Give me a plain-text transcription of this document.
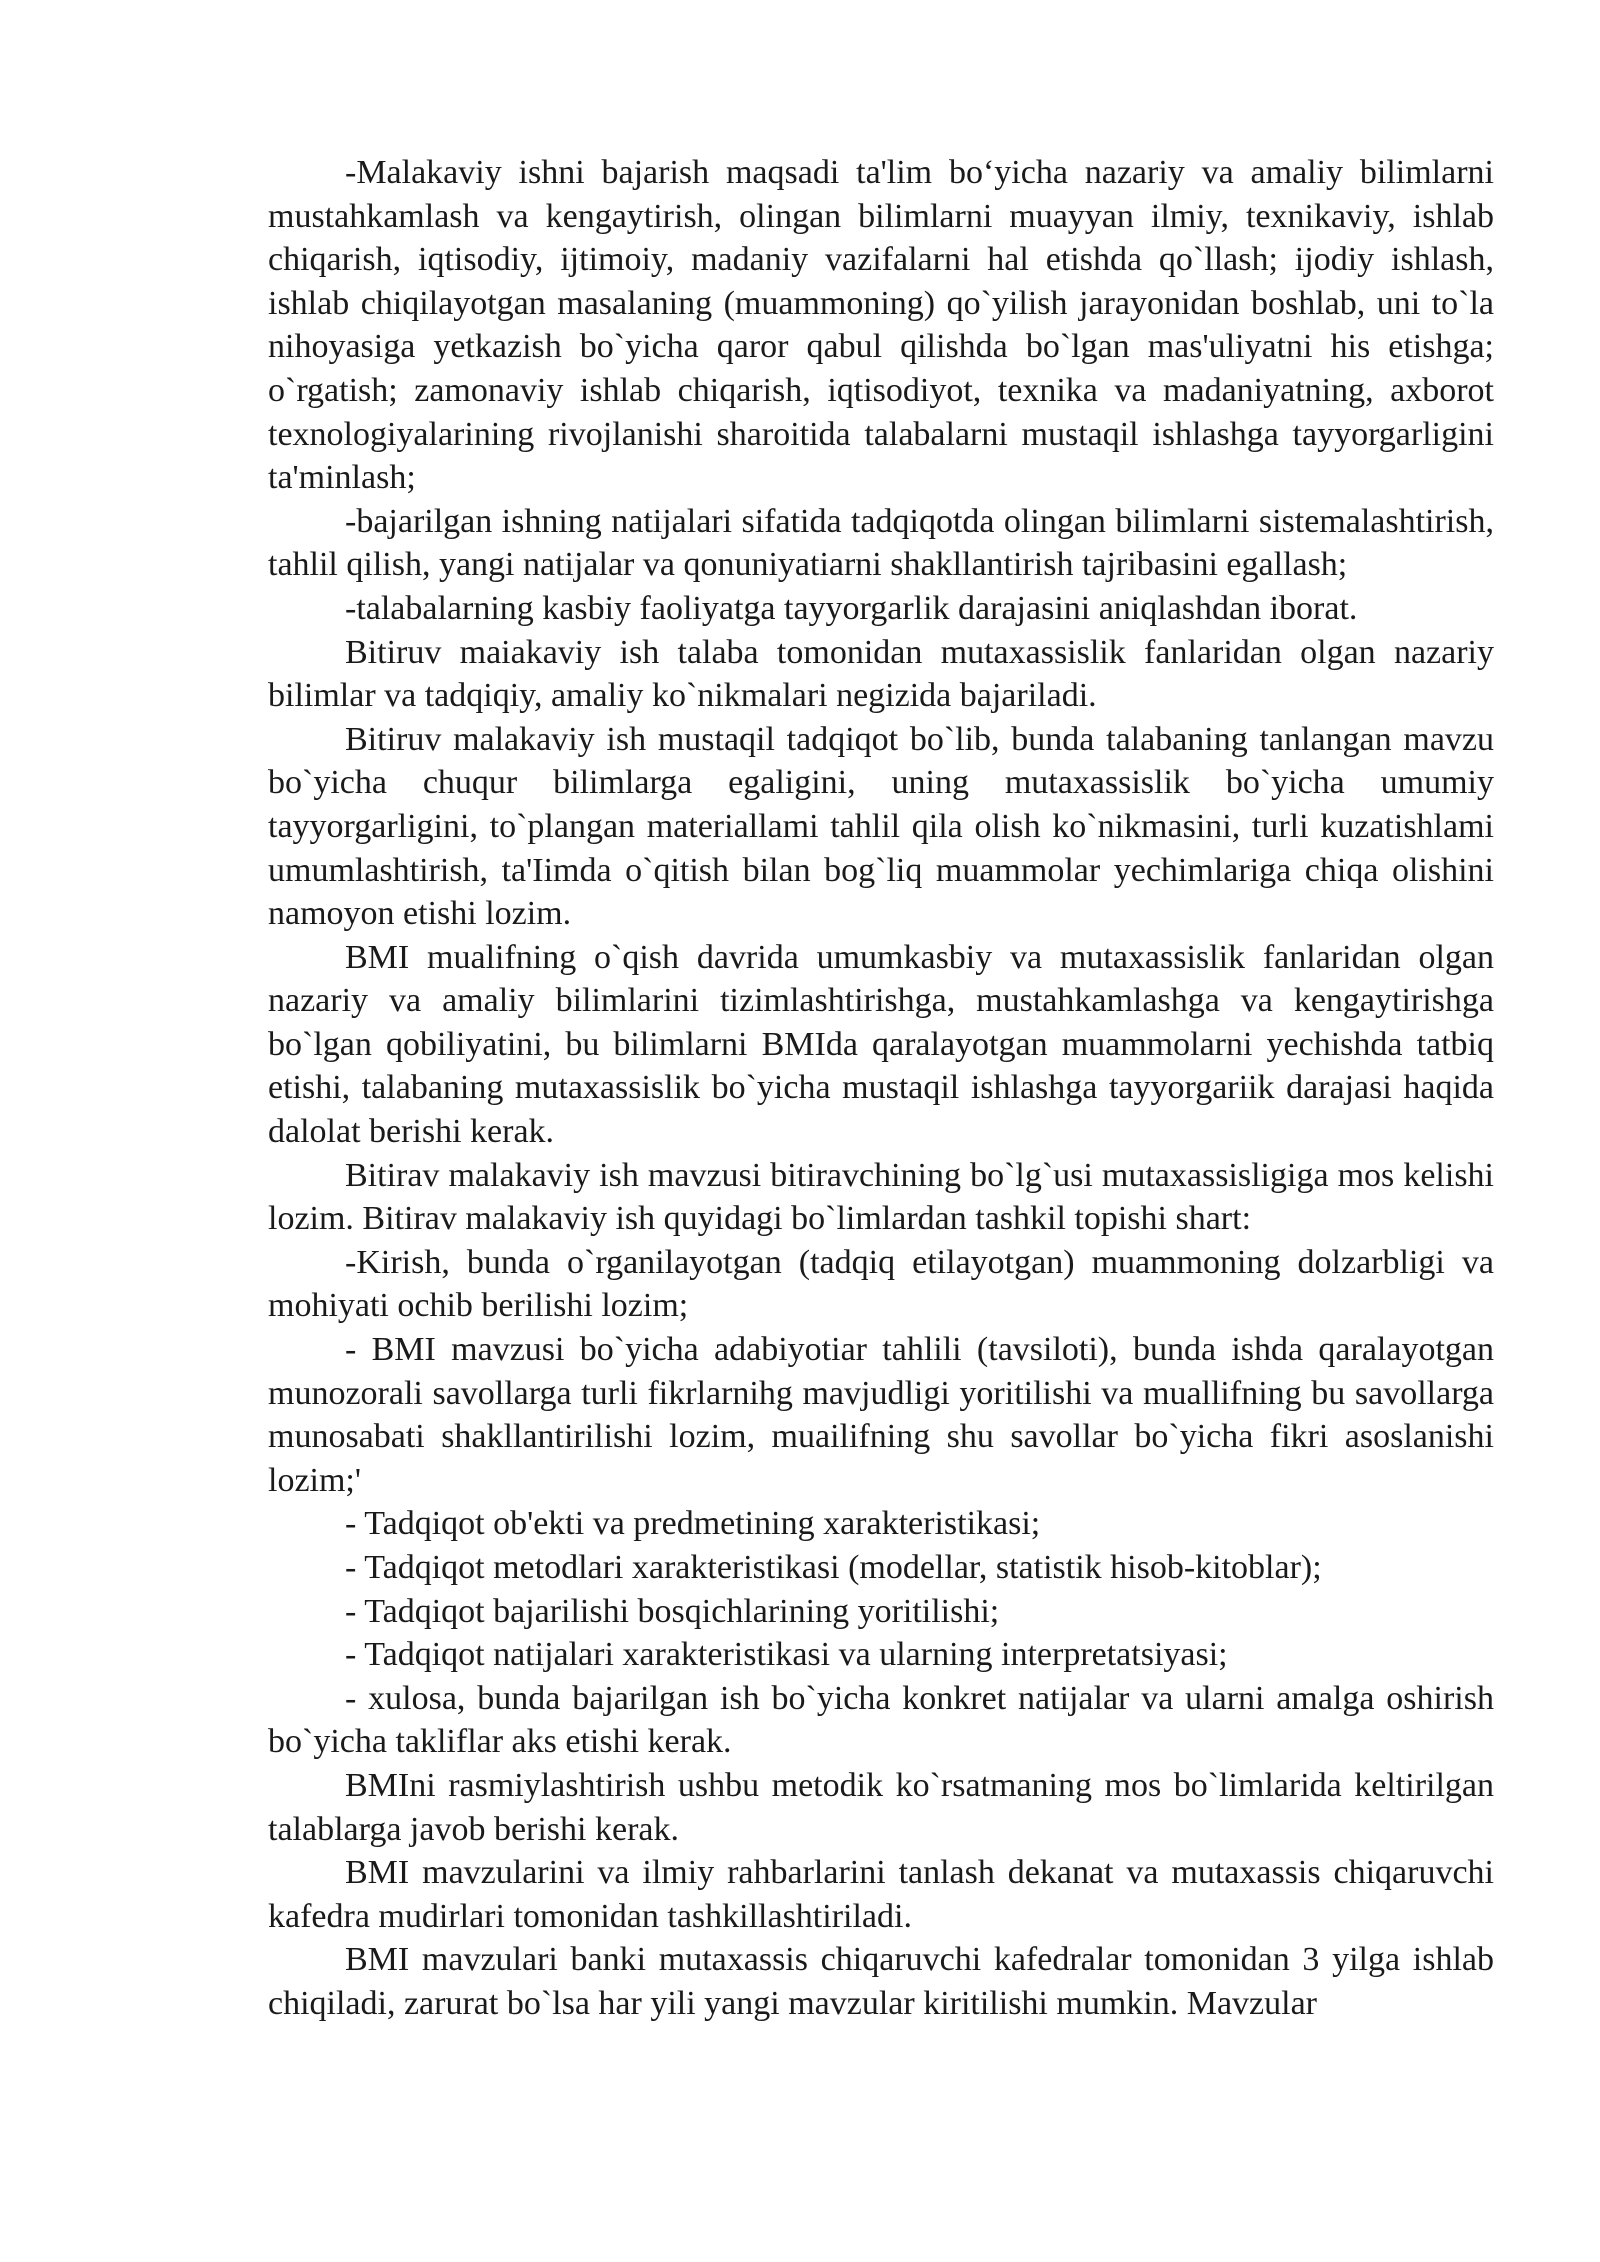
-Malakaviy ishni bajarish maqsadi ta'lim bo‘yicha nazariy va amaliy bilimlarni mustahkamlash va kengaytirish, olingan bilimlarni muayyan ilmiy, texnikaviy, ishlab chiqarish, iqtisodiy, ijtimoiy, madaniy vazifalarni hal etishda qo`llash; ijodiy ishlash, ishlab chiqilayotgan masalaning (muammoning) qo`yilish jarayonidan boshlab, uni to`la nihoyasiga yetkazish bo`yicha qaror qabul qilishda bo`lgan mas'uliyatni his etishga; o`rgatish; zamonaviy ishlab chiqarish, iqtisodiyot, texnika va madaniyatning, axborot texnologiyalarining rivojlanishi sharoitida talabalarni mustaqil ishlashga tayyorgarligini ta'minlash;

-bajarilgan ishning natijalari sifatida tadqiqotda olingan bilimlarni sistemalashtirish, tahlil qilish, yangi natijalar va qonuniyatiarni shakllantirish tajribasini egallash;

-talabalarning kasbiy faoliyatga tayyorgarlik darajasini aniqlashdan iborat.

Bitiruv maiakaviy ish talaba tomonidan mutaxassislik fanlaridan olgan nazariy bilimlar va tadqiqiy, amaliy ko`nikmalari negizida bajariladi.

Bitiruv malakaviy ish mustaqil tadqiqot bo`lib, bunda talabaning tanlangan mavzu bo`yicha chuqur bilimlarga egaligini, uning mutaxassislik bo`yicha umumiy tayyorgarligini, to`plangan materiallami tahlil qila olish ko`nikmasini, turli kuzatishlami umumlashtirish, ta'Iimda o`qitish bilan bog`liq muammolar yechimlariga chiqa olishini namoyon etishi lozim.

BMI mualifning o`qish davrida umumkasbiy va mutaxassislik fanlaridan olgan nazariy va amaliy bilimlarini tizimlashtirishga, mustahkamlashga va kengaytirishga bo`lgan qobiliyatini, bu bilimlarni BMIda qaralayotgan muammolarni yechishda tatbiq etishi, talabaning mutaxassislik bo`yicha mustaqil ishlashga tayyorgariik darajasi haqida dalolat berishi kerak.

Bitirav malakaviy ish mavzusi bitiravchining bo`lg`usi mutaxassisligiga mos kelishi lozim. Bitirav malakaviy ish quyidagi bo`limlardan tashkil topishi shart:

-Kirish, bunda o`rganilayotgan (tadqiq etilayotgan) muammoning dolzarbligi va mohiyati ochib berilishi lozim;

- BMI mavzusi bo`yicha adabiyotiar tahlili (tavsiloti), bunda ishda qaralayotgan munozorali savollarga turli fikrlarnihg mavjudligi yoritilishi va muallifning bu savollarga munosabati shakllantirilishi lozim, muailifning shu savollar bo`yicha fikri asoslanishi lozim;'

- Tadqiqot ob'ekti va predmetining xarakteristikasi;

- Tadqiqot metodlari xarakteristikasi (modellar, statistik hisob-kitoblar);

- Tadqiqot bajarilishi bosqichlarining yoritilishi;

- Tadqiqot natijalari xarakteristikasi va ularning interpretatsiyasi;

- xulosa, bunda bajarilgan ish bo`yicha konkret natijalar va ularni amalga oshirish bo`yicha takliflar aks etishi kerak.

BMIni rasmiylashtirish ushbu metodik ko`rsatmaning mos bo`limlarida keltirilgan talablarga javob berishi kerak.

BMI mavzularini va ilmiy rahbarlarini tanlash dekanat va mutaxassis chiqaruvchi kafedra mudirlari tomonidan tashkillashtiriladi.

BMI mavzulari banki mutaxassis chiqaruvchi kafedralar tomonidan 3 yilga ishlab chiqiladi, zarurat bo`lsa har yili yangi mavzular kiritilishi mumkin. Mavzular
